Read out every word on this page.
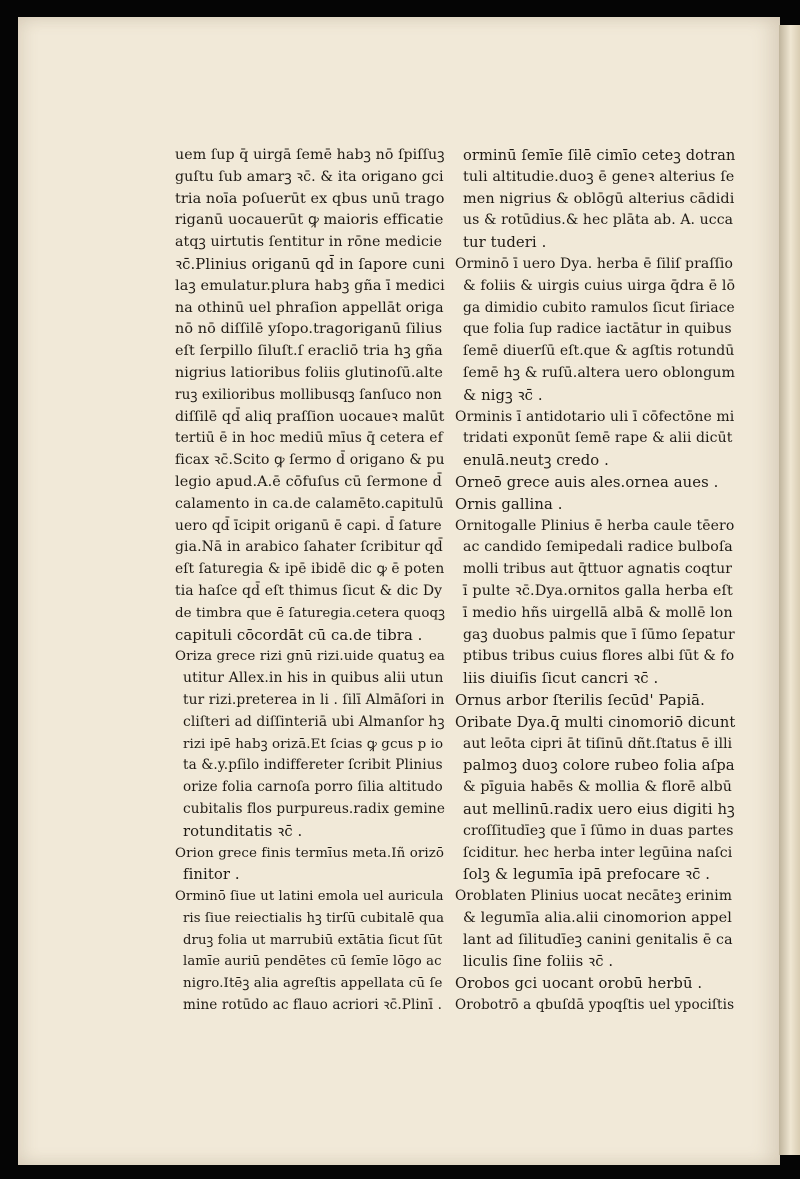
uem ſup q̄ uirgā ſemē habꝫ nō ſpiſſuꝫ
guſtu ſub amarꝫ ꝛc̄. & ita origano gci
tria noīa poſuerūt ex qbus unū trago
riganū uocauerūt ꝙ maioris efficatie
atqꝫ uirtutis ſentitur in rōne medicie
ꝛc̄.Plinius origanū qd̄ in ſapore cuni
laꝫ emulatur.plura habꝫ gña ī medici
na othinū uel phraſion appellāt origa
nō nō diſſilē yſopo.tragoriganū ſilius
eſt ſerpillo ſiluſt.ſ eracliō tria hꝫ gña
nigrius latioribus foliis glutinoſū.alte
ruꝫ exilioribus mollibusqꝫ ſanſuco non
diſſilē qd̄ aliq praſſion uocaueꝛ malūt
tertiū ē in hoc mediū mīus q̄ cetera ef
ficax ꝛc̄.Scito ꝙ ſermo d̄ origano & pu
legio apud.A.ē cōfuſus cū ſermone d̄
calamento in ca.de calamēto.capitulū
uero qd̄ īcipit origanū ē capi. d̄ ſature
gia.Nā in arabico ſahater ſcribitur qd̄
eſt ſaturegia & ipē ibidē dic ꝙ ē poten
tia haſce qd̄ eſt thimus ſicut & dic Dy
de timbra que ē ſaturegia.cetera quoqꝫ
capituli cōcordāt cū ca.de tibra .
Oriza grece rizi gnū rizi.uide quatuꝫ ea
utitur Allex.in his in quibus alii utun
tur rizi.preterea in li . ſilī Almāſori in
cliſteri ad diſſinteriā ubi Almanſor hꝫ
rizi ipē habꝫ orizā.Et ſcias ꝙ gcus p io
ta &.y.pſilo indiffereter ſcribit Plinius
orize folia carnoſa porro ſilia altitudo
cubitalis flos purpureus.radix gemine
rotunditatis ꝛc̄ .
Orion grece finis termīus meta.Iñ orizō
finitor .
Orminō ſiue ut latini emola uel auricula
ris ſiue reiectialis hꝫ tirſū cubitalē qua
druꝫ folia ut marrubiū extātia ſicut ſūt
lamīe auriū pendētes cū ſemīe lōgo ac
nigro.Itēꝫ alia agreſtis appellata cū ſe
mine rotūdo ac flauo acriori ꝛc̄.Plinī .
orminū ſemīe ſilē cimīo ceteꝫ dotran
tuli altitudie.duoꝫ ē geneꝛ alterius ſe
men nigrius & oblōgū alterius cādidi
us & rotūdius.& hec plāta ab. A. ucca
tur tuderi .
Orminō ī uero Dya. herba ē ſiliſ praſſio
& foliis & uirgis cuius uirga q̄dra ē lō
ga dimidio cubito ramulos ſicut ſiriace
que folia ſup radice iactātur in quibus
ſemē diuerſū eſt.que & agſtis rotundū
ſemē hꝫ & ruſū.altera uero oblongum
& nigꝫ ꝛc̄ .
Orminis ī antidotario uli ī cōfectōne mi
tridati exponūt ſemē rape & alii dicūt
enulā.neutꝫ credo .
Orneō grece auis ales.ornea aues .
Ornis gallina .
Ornitogalle Plinius ē herba caule tēero
ac candido ſemipedali radice bulboſa
molli tribus aut q̄ttuor agnatis coqtur
ī pulte ꝛc̄.Dya.ornitos galla herba eſt
ī medio hñs uirgellā albā & mollē lon
gaꝫ duobus palmis que ī ſūmo ſepatur
ptibus tribus cuius flores albi ſūt & fo
liis diuiſis ſicut cancri ꝛc̄ .
Ornus arbor ſterilis ſecūd' Papiā.
Oribate Dya.q̄ multi cinomoriō dicunt
aut leōta cipri āt tiſinū dñt.ſtatus ē illi
palmoꝫ duoꝫ colore rubeo folia aſpa
& pīguia habēs & mollia & florē albū
aut mellinū.radix uero eius digiti hꝫ
croſſitudīeꝫ que ī ſūmo in duas partes
ſciditur. hec herba inter legūina naſci
ſolꝫ & legumīa ipā prefocare ꝛc̄ .
Oroblaten Plinius uocat necāteꝫ erinim
& legumīa alia.alii cinomorion appel
lant ad ſilitudīeꝫ canini genitalis ē ca
liculis ſine foliis ꝛc̄ .
Orobos gci uocant orobū herbū .
Orobotrō a qbuſdā ypoqſtis uel ypociſtis
